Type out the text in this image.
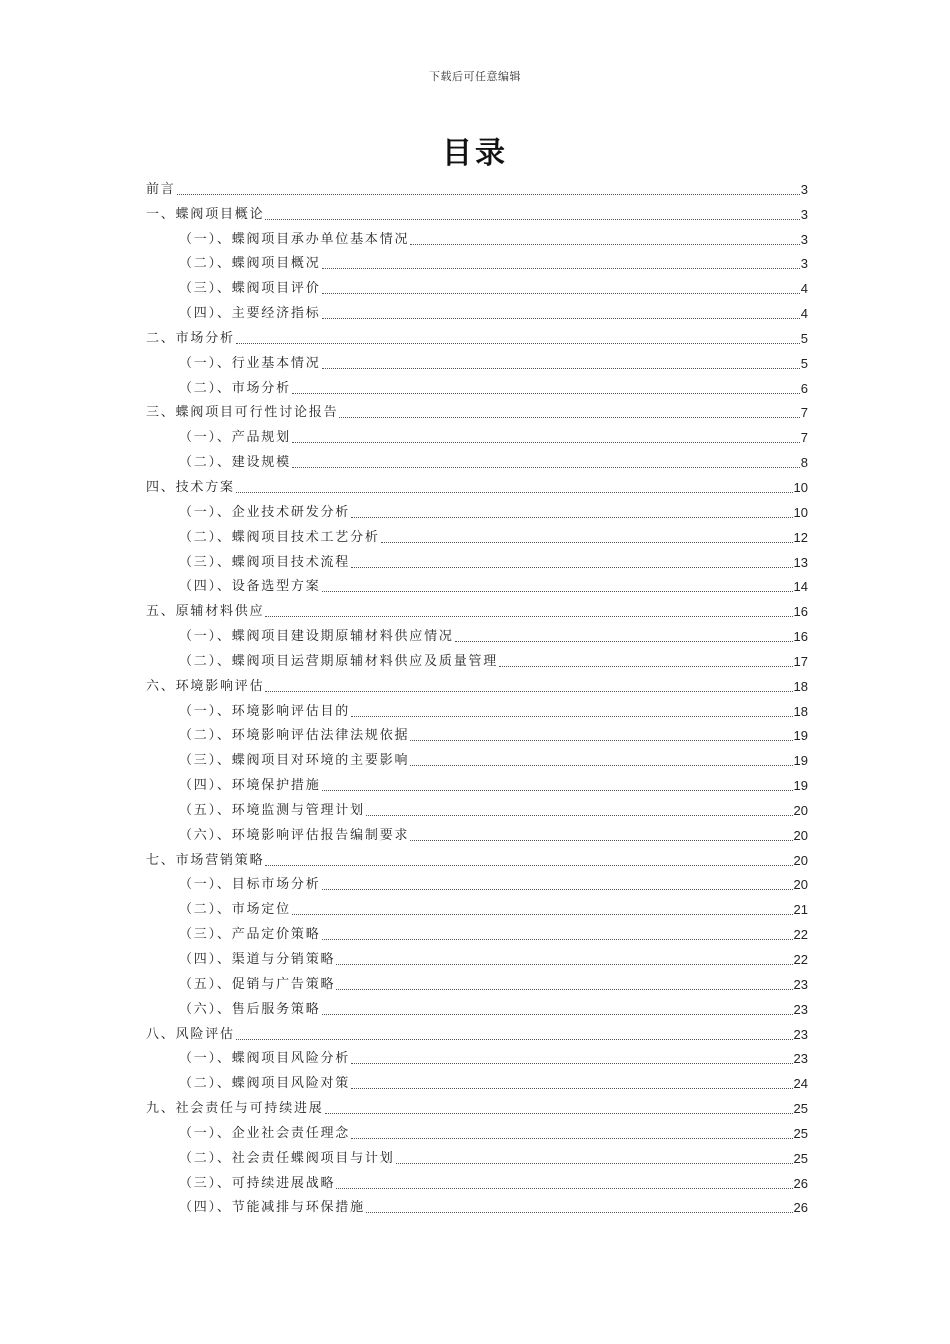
下载后可任意编辑
目录
前言	3
一、蝶阀项目概论	3
（一）、蝶阀项目承办单位基本情况	3
（二）、蝶阀项目概况	3
（三）、蝶阀项目评价	4
（四）、主要经济指标	4
二、市场分析	5
（一）、行业基本情况	5
（二）、市场分析	6
三、蝶阀项目可行性讨论报告	7
（一）、产品规划	7
（二）、建设规模	8
四、技术方案	10
（一）、企业技术研发分析	10
（二）、蝶阀项目技术工艺分析	12
（三）、蝶阀项目技术流程	13
（四）、设备选型方案	14
五、原辅材料供应	16
（一）、蝶阀项目建设期原辅材料供应情况	16
（二）、蝶阀项目运营期原辅材料供应及质量管理	17
六、环境影响评估	18
（一）、环境影响评估目的	18
（二）、环境影响评估法律法规依据	19
（三）、蝶阀项目对环境的主要影响	19
（四）、环境保护措施	19
（五）、环境监测与管理计划	20
（六）、环境影响评估报告编制要求	20
七、市场营销策略	20
（一）、目标市场分析	20
（二）、市场定位	21
（三）、产品定价策略	22
（四）、渠道与分销策略	22
（五）、促销与广告策略	23
（六）、售后服务策略	23
八、风险评估	23
（一）、蝶阀项目风险分析	23
（二）、蝶阀项目风险对策	24
九、社会责任与可持续进展	25
（一）、企业社会责任理念	25
（二）、社会责任蝶阀项目与计划	25
（三）、可持续进展战略	26
（四）、节能减排与环保措施	26
